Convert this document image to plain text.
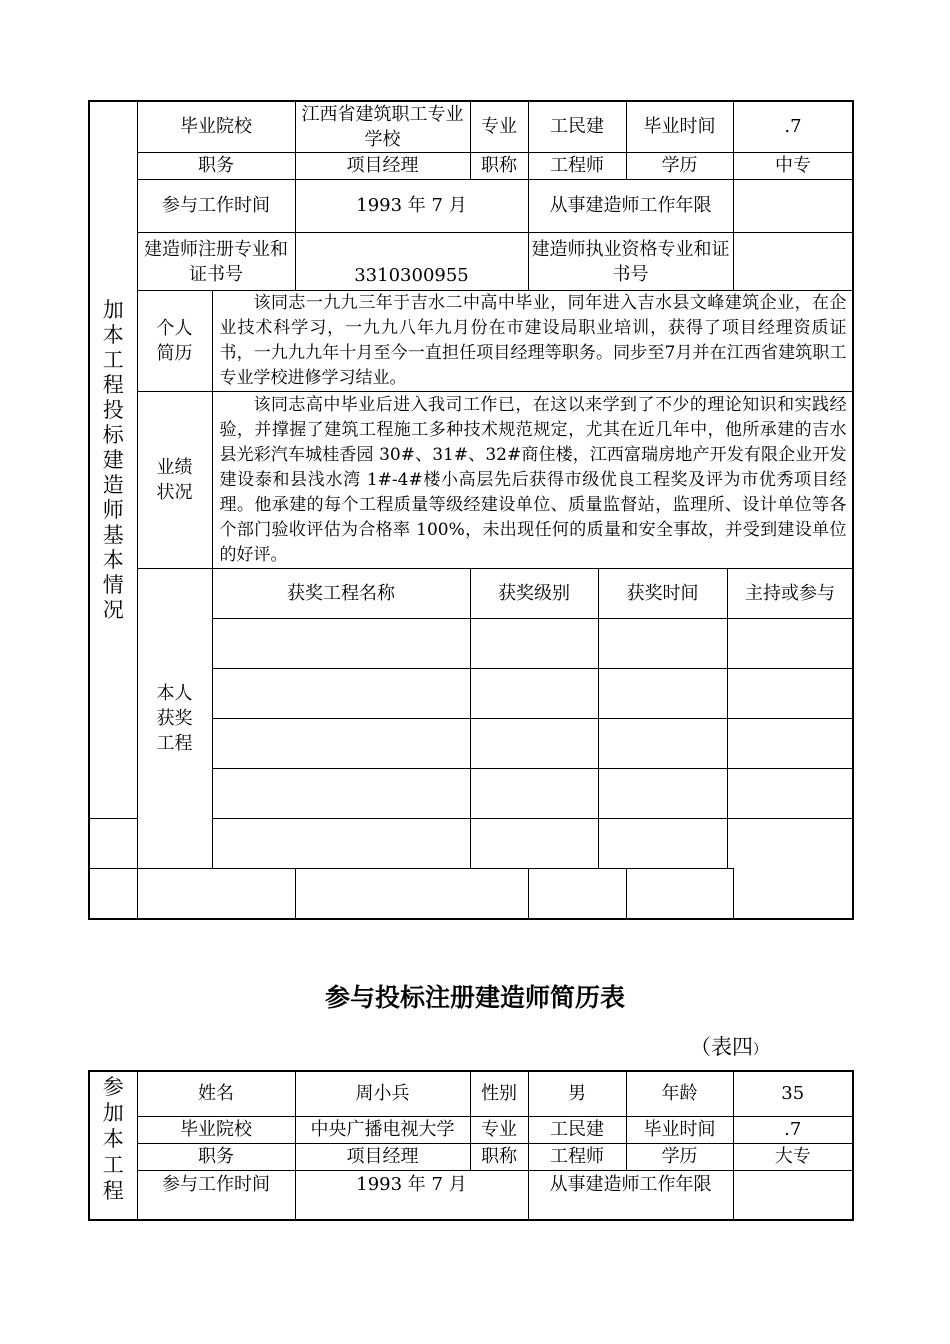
加本工程投标建造师基本情况	毕业院校		江西省建筑职工专业学校	专业	工民建		毕业时间		.7
	职务		项目经理	职称	工程师		学历		中专
	参与工作时间		1993 年 7 月		从事建造师工作年限				
	建造师注册专业和证书号		3310300955		建造师执业资格专业和证书号				

	个人简历	该同志一九九三年于吉水二中高中毕业，同年进入吉水县文峰建筑企业，在企业技术科学习，一九九八年九月份在市建设局职业培训，获得了项目经理资质证书，一九九九年十月至今一直担任项目经理等职务。同步至7月并在江西省建筑职工专业学校进修学习结业。							

	业绩状况	该同志高中毕业后进入我司工作已，在这以来学到了不少的理论知识和实践经验，并撑握了建筑工程施工多种技术规范规定，尤其在近几年中，他所承建的吉水县光彩汽车城桂香园 30#、31#、32#商住楼，江西富瑞房地产开发有限企业开发建设泰和县浅水湾 1#-4#楼小高层先后获得市级优良工程奖及评为市优秀项目经理。他承建的每个工程质量等级经建设单位、质量监督站，监理所、设计单位等各个部门验收评估为合格率 100%，未出现任何的质量和安全事故，并受到建设单位的好评。							

	本人获奖工程	获奖工程名称		获奖级别		获奖时间		主持或参与	

参与投标注册建造师简历表
（表四）
参加本工程	姓名	周小兵	性别	男	年龄	35
	毕业院校	中央广播电视大学	专业	工民建	毕业时间	.7
	职务	项目经理	职称	工程师	学历	大专
	参与工作时间	1993 年 7 月		从事建造师工作年限		
